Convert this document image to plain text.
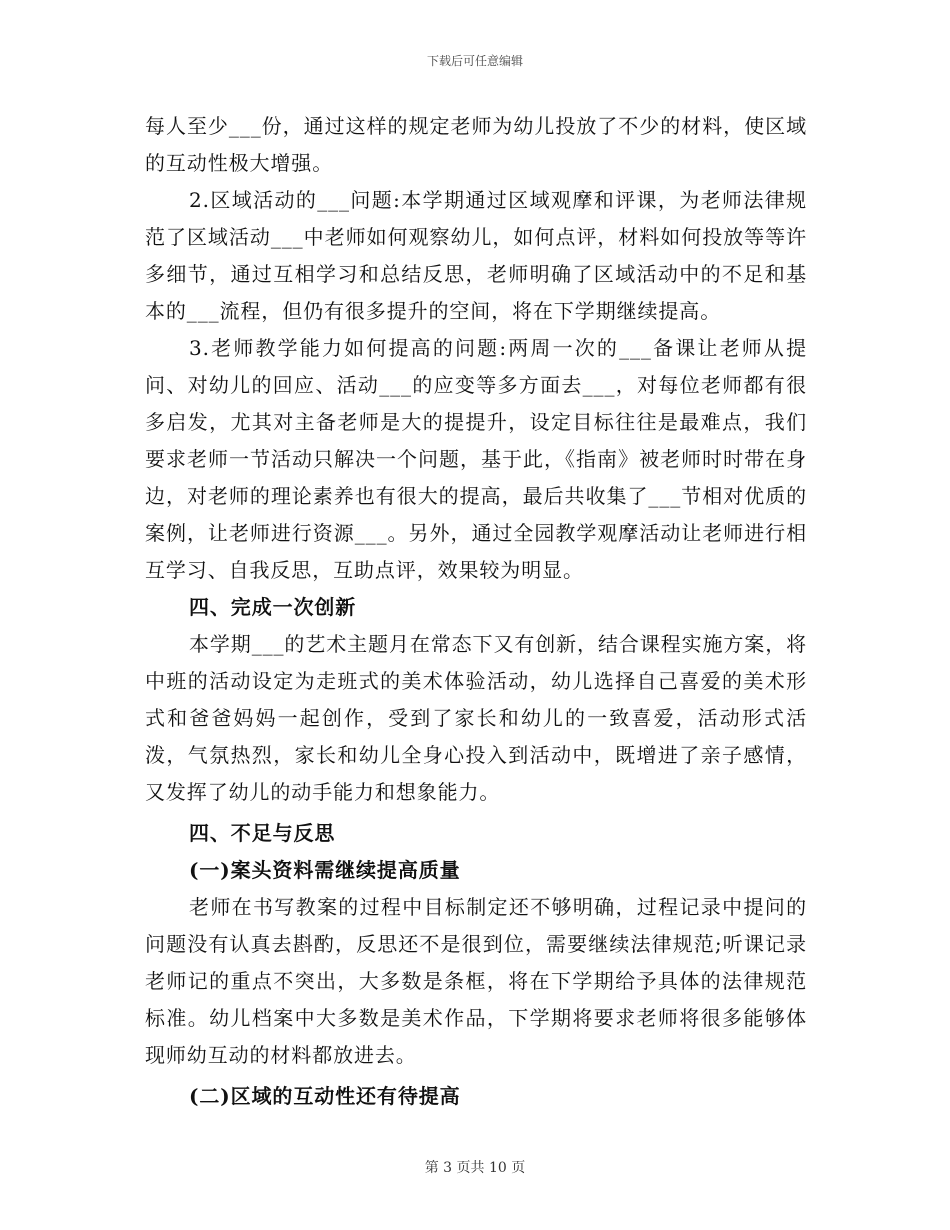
下载后可任意编辑

每人至少___份，通过这样的规定老师为幼儿投放了不少的材料，使区域的互动性极大增强。

2.区域活动的___问题:本学期通过区域观摩和评课，为老师法律规范了区域活动___中老师如何观察幼儿，如何点评，材料如何投放等等许多细节，通过互相学习和总结反思，老师明确了区域活动中的不足和基本的___流程，但仍有很多提升的空间，将在下学期继续提高。

3.老师教学能力如何提高的问题:两周一次的___备课让老师从提问、对幼儿的回应、活动___的应变等多方面去___，对每位老师都有很多启发，尤其对主备老师是大的提提升，设定目标往往是最难点，我们要求老师一节活动只解决一个问题，基于此，《指南》被老师时时带在身边，对老师的理论素养也有很大的提高，最后共收集了___节相对优质的案例，让老师进行资源___。另外，通过全园教学观摩活动让老师进行相互学习、自我反思，互助点评，效果较为明显。

四、完成一次创新

本学期___的艺术主题月在常态下又有创新，结合课程实施方案，将中班的活动设定为走班式的美术体验活动，幼儿选择自己喜爱的美术形式和爸爸妈妈一起创作，受到了家长和幼儿的一致喜爱，活动形式活泼，气氛热烈，家长和幼儿全身心投入到活动中，既增进了亲子感情，又发挥了幼儿的动手能力和想象能力。

四、不足与反思

(一)案头资料需继续提高质量

老师在书写教案的过程中目标制定还不够明确，过程记录中提问的问题没有认真去斟酌，反思还不是很到位，需要继续法律规范;听课记录老师记的重点不突出，大多数是条框，将在下学期给予具体的法律规范标准。幼儿档案中大多数是美术作品，下学期将要求老师将很多能够体现师幼互动的材料都放进去。

(二)区域的互动性还有待提高

第 3 页共 10 页
